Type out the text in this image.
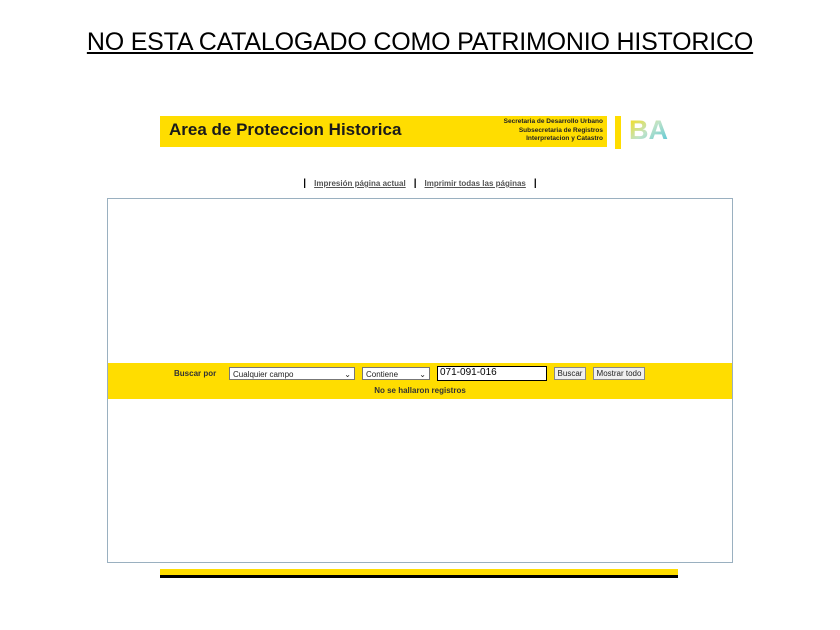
NO ESTA CATALOGADO COMO PATRIMONIO HISTORICO
Area de Proteccion Historica	Secretaria de Desarrollo Urbano
Subsecretaria de Registros
Interpretacion y Catastro BA
| Impresión página actual | Imprimir todas las páginas |
Buscar por	Cualquier campo	⌄	Contiene	⌄	071-091-016	Buscar	Mostrar todo
No se hallaron registros
